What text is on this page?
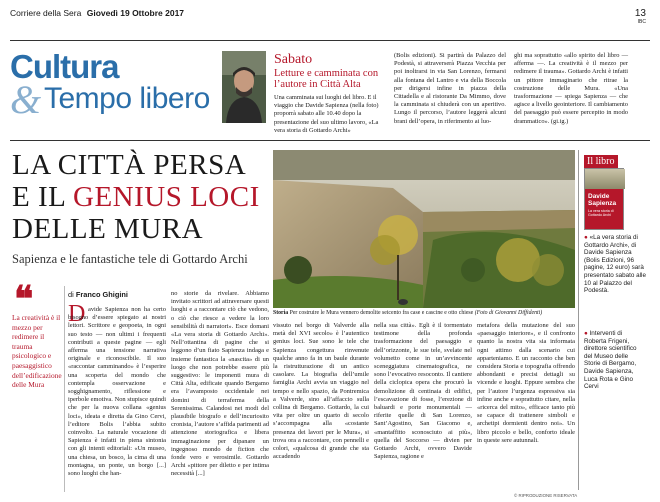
Corriere della Sera Giovedì 19 Ottobre 2017	13
IBC
Cultura
& Tempo libero
Sabato
Letture e camminata con l’autore in Città Alta
Una camminata sui luoghi del libro. E il viaggio che Davide Sapienza (nella foto) proporrà sabato alle 10.40 dopo la presentazione del suo ultimo lavoro, «La vera storia di Gottardo Archi»
(Bolis edizioni). Si partirà da Palazzo del Podestà, si attraverserà Piazza Vecchia per poi inoltrarsi in via San Lorenzo, fermarsi alla fontana del Lantro e via della Boccola per dirigersi infine in piazza della Cittadella e al ristorante Da Mimmo, dove la camminata si chiuderà con un aperitivo. Lungo il percorso, l’autore leggerà alcuni brani dell’opera, in riferimento ai luo-
ghi ma soprattutto «allo spirito del libro — afferma —. La creatività è il mezzo per redimere il trauma». Gottardo Archi è infatti un pittore immaginario che ritrae la costruzione delle Mura. «Una trasformazione — spiega Sapienza — che agisce a livello geointeriore. Il cambiamento del paesaggio può essere percepito in modo drammatico». (gi.ig.)
LA CITTÀ PERSA
E IL GENIUS LOCI
DELLE MURA
Sapienza e le fantastiche tele di Gottardo Archi
Storia Per costruire le Mura vennero demolite seicento fra case e cascine e otto chiese (Foto di Giovanni Diffidenti)
Il libro
Davide Sapienza
La vera storia di Gottardo Archi
● «La vera storia di Gottardo Archi», di Davide Sapienza (Bolis Edizioni, 96 pagine, 12 euro) sarà presentato sabato alle 10 al Palazzo del Podestà.
● Interventi di Roberta Frigeni, direttore scientifico del Museo delle Storie di Bergamo, Davide Sapienza, Luca Rota e Gino Cervi
❝
La creatività è il mezzo per redimere il trauma psicologico e paesaggistico dell’edificazione delle Mura
di Franco Ghigini
D avide Sapienza non ha certo bisogno d’essere spiegato ai nostri lettori. Scrittore e geopoeta, in ogni suo testo — non ultimi i frequenti contributi a queste pagine — egli afferma una tensione narrativa originale e riconoscibile. Il suo «raccontar camminando» è l’esperire una scoperta del mondo che contempla osservazione e sogghignamento, riflessione e iperbole emotiva. Non stupisce quindi che per la nuova collana «genius loci», ideata e diretta da Gino Cervi, l’editore Bolis l’abbia subito coinvolto. La naturale vocazione di Sapienza è infatti in piena sintonia con gli intenti editoriali: «Un museo, una chiesa, un bosco, la cima di una montagna, un ponte, un borgo [...] sono luoghi che han-
no storie da rivelare. Abbiamo invitato scrittori ad attraversare questi luoghi e a raccontare ciò che vedono, o ciò che riesce a vedere la loro sensibilità di narratori». Esce domani «La vera storia di Gottardo Archi». Nell’ottantina di pagine che si leggono d’un fiato Sapienza indaga e insieme fantastica la «nascita» di un luogo che non potrebbe essere più suggestivo: le imponenti mura di Città Alta, edificate quando Bergamo era l’avamposto occidentale nei domini di terraferma della Serenissima. Calandosi nei modi del plausibile biografo e dell’incuriosito cronista, l’autore s’affida parimenti ad attenzione storiografica e libera immaginazione per dipanare un ingegnoso mondo de fiction che fonde vero e verosimile. Gottardo Archi «pittore per diletto e per intima necessità [...]
vissuto nel borgo di Valverde alla metà del XVI secolo» è l’autentico genius loci. Sue sono le tele che Sapienza congettura rinvenute qualche anno fa in un baule durante la ristrutturazione di un antico casolare. La biografia dell’umile famiglia Archi avvia un viaggio nel tempo e nello spazio, da Pontremica a Valverde, sino all’affaccio sulla collina di Bergamo. Gottardo, la cui vita per oltre un quarto di secolo s’accompagna alla «costante presenza dei lavori per le Mura», si trova ora a raccontare, con pennelli e colori, «qualcosa di grande che sta accadendo
nella sua città». Egli è il tormentato testimone della profonda trasformazione del paesaggio e dell’orizzonte, le sue tele, svelate nel volumetto come in un’avvincente sceneggiatura cinematografica, ne sono l’evocativo resoconto. Il cantiere della ciclopica opera che procurò la demolizione di centinaia di edifici, l’escavazione di fosse, l’erezione di baluardi e porte monumentali — riferite quelle di San Lorenzo, Sant’Agostino, San Giacomo e, «mantaffitto sconosciuto ai più», quella del Soccorso — divien per Gottardo Archi, ovvero Davide Sapienza, ragione e
metafora della mutazione del suo «paesaggio interiore», e il confronto quanto la nostra vita sia informata ogni attimo dalla scenario cui apparteniamo. E un racconto che ben considera Storia e topografia offrendo abbondanti e precisi dettagli su vicende e luoghi. Eppure sembra che per l’autore l’urgenza espressiva sia infine anche e soprattutto citare, nella «ricerca del mito», efficace tanto più se capace di trattenere simboli e archetipi dormienti dentro noi». Un libro piccolo e bello, conforto ideale in queste sere autunnali.
© RIPRODUZIONE RISERVATA
